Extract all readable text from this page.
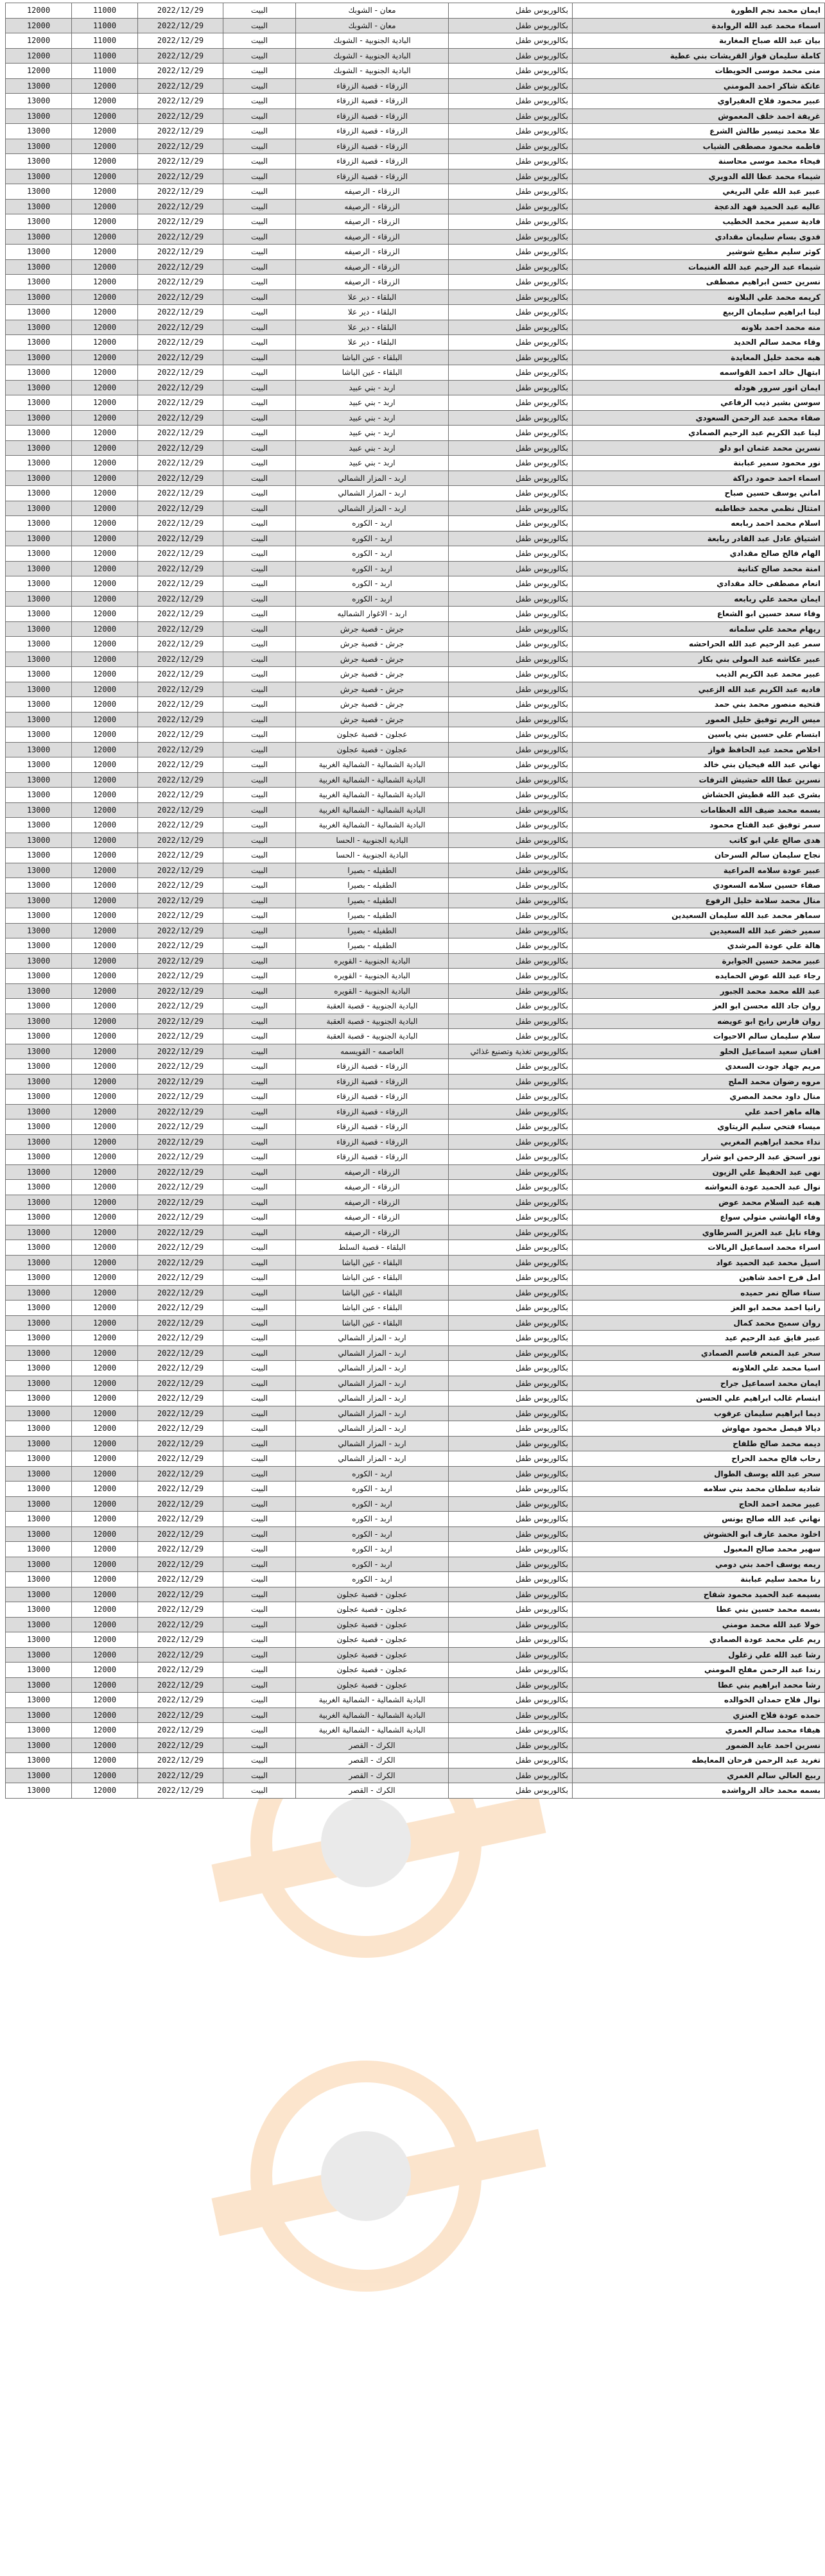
ايمان محمد نجم الطورة	بكالوريوس طفل	معان - الشوبك	البيت	2022/12/29	11000	12000
اسماء محمد عبد الله الروابدة	بكالوريوس طفل	معان - الشوبك	البيت	2022/12/29	11000	12000
بيان عبد الله صباح المغاربة	بكالوريوس طفل	البادية الجنوبية - الشوبك	البيت	2022/12/29	11000	12000
كاملة سليمان فواز القريشات بني عطية	بكالوريوس طفل	البادية الجنوبية - الشوبك	البيت	2022/12/29	11000	12000
منى محمد موسى الحويطات	بكالوريوس طفل	البادية الجنوبية - الشوبك	البيت	2022/12/29	11000	12000
عاتكة شاكر احمد المومني	بكالوريوس طفل	الزرقاء - قصبة الزرقاء	البيت	2022/12/29	12000	13000
عبير محمود فلاح العفيراوي	بكالوريوس طفل	الزرقاء - قصبة الزرقاء	البيت	2022/12/29	12000	13000
غريفة احمد خلف المعموش	بكالوريوس طفل	الزرقاء - قصبة الزرقاء	البيت	2022/12/29	12000	13000
علا محمد تيسير طالش الشرع	بكالوريوس طفل	الزرقاء - قصبة الزرقاء	البيت	2022/12/29	12000	13000
فاطمه محمود مصطفى الشياب	بكالوريوس طفل	الزرقاء - قصبة الزرقاء	البيت	2022/12/29	12000	13000
فيحاء محمد موسى محاسنة	بكالوريوس طفل	الزرقاء - قصبة الزرقاء	البيت	2022/12/29	12000	13000
شيماء محمد عطا الله الدويري	بكالوريوس طفل	الزرقاء - قصبة الزرقاء	البيت	2022/12/29	12000	13000
عبير عبد الله علي البريغي	بكالوريوس طفل	الزرقاء - الرصيفه	البيت	2022/12/29	12000	13000
عاليه عبد الحميد فهد الدعجة	بكالوريوس طفل	الزرقاء - الرصيفه	البيت	2022/12/29	12000	13000
فادية سمير محمد الخطيب	بكالوريوس طفل	الزرقاء - الرصيفه	البيت	2022/12/29	12000	13000
فدوى بسام سليمان مقدادي	بكالوريوس طفل	الزرقاء - الرصيفه	البيت	2022/12/29	12000	13000
كوثر سليم مطيع شوشير	بكالوريوس طفل	الزرقاء - الرصيفه	البيت	2022/12/29	12000	13000
شيماء عبد الرحيم عبد الله الغنيمات	بكالوريوس طفل	الزرقاء - الرصيفه	البيت	2022/12/29	12000	13000
نسرين حسن ابراهيم مصطفى	بكالوريوس طفل	الزرقاء - الرصيفه	البيت	2022/12/29	12000	13000
كريمه محمد علي البلاونه	بكالوريوس طفل	البلقاء - دير علا	البيت	2022/12/29	12000	13000
لينا ابراهيم سليمان الربيع	بكالوريوس طفل	البلقاء - دير علا	البيت	2022/12/29	12000	13000
منه محمد احمد بلاونه	بكالوريوس طفل	البلقاء - دير علا	البيت	2022/12/29	12000	13000
وفاء محمد سالم الحديد	بكالوريوس طفل	البلقاء - دير علا	البيت	2022/12/29	12000	13000
هبه محمد خليل المعايدة	بكالوريوس طفل	البلقاء - عين الباشا	البيت	2022/12/29	12000	13000
ابتهال خالد احمد القواسمه	بكالوريوس طفل	البلقاء - عين الباشا	البيت	2022/12/29	12000	13000
ايمان انور سرور هودله	بكالوريوس طفل	اربد - بني عبيد	البيت	2022/12/29	12000	13000
سوسن بشير ذيب الرفاعي	بكالوريوس طفل	اربد - بني عبيد	البيت	2022/12/29	12000	13000
صفاء محمد عبد الرحمن السعودي	بكالوريوس طفل	اربد - بني عبيد	البيت	2022/12/29	12000	13000
لينا عبد الكريم عبد الرحيم الصمادي	بكالوريوس طفل	اربد - بني عبيد	البيت	2022/12/29	12000	13000
نسرين محمد عثمان ابو دلو	بكالوريوس طفل	اربد - بني عبيد	البيت	2022/12/29	12000	13000
نور محمود سمير عبابنة	بكالوريوس طفل	اربد - بني عبيد	البيت	2022/12/29	12000	13000
اسماء احمد حمود دراكة	بكالوريوس طفل	اربد - المزار الشمالي	البيت	2022/12/29	12000	13000
اماني يوسف حسين صباح	بكالوريوس طفل	اربد - المزار الشمالي	البيت	2022/12/29	12000	13000
امتثال نظمي محمد خطاطبه	بكالوريوس طفل	اربد - المزار الشمالي	البيت	2022/12/29	12000	13000
اسلام محمد احمد ربابعه	بكالوريوس طفل	اربد - الكوره	البيت	2022/12/29	12000	13000
اشتياق عادل عبد القادر ربابعة	بكالوريوس طفل	اربد - الكوره	البيت	2022/12/29	12000	13000
الهام فالح صالح مقدادي	بكالوريوس طفل	اربد - الكوره	البيت	2022/12/29	12000	13000
امنة محمد صالح كنانية	بكالوريوس طفل	اربد - الكوره	البيت	2022/12/29	12000	13000
انعام مصطفى خالد مقدادي	بكالوريوس طفل	اربد - الكوره	البيت	2022/12/29	12000	13000
ايمان محمد علي ربابعه	بكالوريوس طفل	اربد - الكوره	البيت	2022/12/29	12000	13000
وفاء سعد حسين ابو الشعاع	بكالوريوس طفل	اربد - الاغوار الشماليه	البيت	2022/12/29	12000	13000
ريهام محمد علي سلمانه	بكالوريوس طفل	جرش - قصبة جرش	البيت	2022/12/29	12000	13000
سمر عبد الرحيم عبد الله الحراحشه	بكالوريوس طفل	جرش - قصبة جرش	البيت	2022/12/29	12000	13000
عبير عكاشه عبد المولى بني بكار	بكالوريوس طفل	جرش - قصبة جرش	البيت	2022/12/29	12000	13000
عبير محمد عبد الكريم الذيب	بكالوريوس طفل	جرش - قصبة جرش	البيت	2022/12/29	12000	13000
فاديه عبد الكريم عبد الله الزعبي	بكالوريوس طفل	جرش - قصبة جرش	البيت	2022/12/29	12000	13000
فتحيه منصور محمد بني حمد	بكالوريوس طفل	جرش - قصبة جرش	البيت	2022/12/29	12000	13000
ميس الريم توفيق خليل العمور	بكالوريوس طفل	جرش - قصبة جرش	البيت	2022/12/29	12000	13000
ابتسام علي حسين بني ياسين	بكالوريوس طفل	عجلون - قصبة عجلون	البيت	2022/12/29	12000	13000
اخلاص محمد عبد الحافظ فواز	بكالوريوس طفل	عجلون - قصبة عجلون	البيت	2022/12/29	12000	13000
نهاني عبد الله فيحيان بني خالد	بكالوريوس طفل	البادية الشمالية - الشمالية الغربية	البيت	2022/12/29	12000	13000
نسرين عطا الله حشيش الترفات	بكالوريوس طفل	البادية الشمالية - الشمالية الغربية	البيت	2022/12/29	12000	13000
بشرى عبد الله قطيش الحشاش	بكالوريوس طفل	البادية الشمالية - الشمالية الغربية	البيت	2022/12/29	12000	13000
بسمه محمد ضيف الله العظامات	بكالوريوس طفل	البادية الشمالية - الشمالية الغربية	البيت	2022/12/29	12000	13000
سمر توفيق عبد الفتاح محمود	بكالوريوس طفل	البادية الشمالية - الشمالية الغربية	البيت	2022/12/29	12000	13000
هدى صالح علي ابو كاتب	بكالوريوس طفل	البادية الجنوبية - الحسا	البيت	2022/12/29	12000	13000
نجاح سليمان سالم السرحان	بكالوريوس طفل	البادية الجنوبية - الحسا	البيت	2022/12/29	12000	13000
عبير عودة سلامه المراعية	بكالوريوس طفل	الطفيله - بصيرا	البيت	2022/12/29	12000	13000
صفاء حسين سلامه السعودي	بكالوريوس طفل	الطفيله - بصيرا	البيت	2022/12/29	12000	13000
منال محمد سلامة خليل الرفوع	بكالوريوس طفل	الطفيله - بصيرا	البيت	2022/12/29	12000	13000
سماهر محمد عبد الله سليمان السعيدين	بكالوريوس طفل	الطفيله - بصيرا	البيت	2022/12/29	12000	13000
سمير خضر عبد الله السعيدين	بكالوريوس طفل	الطفيله - بصيرا	البيت	2022/12/29	12000	13000
هالة علي عودة المرشدي	بكالوريوس طفل	الطفيله - بصيرا	البيت	2022/12/29	12000	13000
عبير محمد حسين الجوابرة	بكالوريوس طفل	البادية الجنوبية - القويره	البيت	2022/12/29	12000	13000
رجاء عبد الله عوض الحمايده	بكالوريوس طفل	البادية الجنوبية - القويره	البيت	2022/12/29	12000	13000
عبد الله محمد محمد الجبور	بكالوريوس طفل	البادية الجنوبية - القويره	البيت	2022/12/29	12000	13000
روان جاد الله محسن ابو العز	بكالوريوس طفل	البادية الجنوبية - قصبة العقبة	البيت	2022/12/29	12000	13000
روان فارس رابح ابو عويضه	بكالوريوس طفل	البادية الجنوبية - قصبة العقبة	البيت	2022/12/29	12000	13000
سلام سليمان سالم الاحيوات	بكالوريوس طفل	البادية الجنوبية - قصبة العقبة	البيت	2022/12/29	12000	13000
افنان سعيد اسماعيل الحلو	بكالوريوس تغذية وتصنيع غذائي	العاصمه - القويسمه	البيت	2022/12/29	12000	13000
مريم جهاد جودت السعدي	بكالوريوس طفل	الزرقاء - قصبة الزرقاء	البيت	2022/12/29	12000	13000
مروه رضوان محمد الملح	بكالوريوس طفل	الزرقاء - قصبة الزرقاء	البيت	2022/12/29	12000	13000
منال داود محمد المصري	بكالوريوس طفل	الزرقاء - قصبة الزرقاء	البيت	2022/12/29	12000	13000
هاله ماهر احمد علي	بكالوريوس طفل	الزرقاء - قصبة الزرقاء	البيت	2022/12/29	12000	13000
ميساء فتحي سليم الزيتاوي	بكالوريوس طفل	الزرقاء - قصبة الزرقاء	البيت	2022/12/29	12000	13000
نداء محمد ابراهيم المغربي	بكالوريوس طفل	الزرقاء - قصبة الزرقاء	البيت	2022/12/29	12000	13000
نور اسحق عبد الرحمن ابو شرار	بكالوريوس طفل	الزرقاء - قصبة الزرقاء	البيت	2022/12/29	12000	13000
نهى عبد الحفيظ علي الزيون	بكالوريوس طفل	الزرقاء - الرصيفه	البيت	2022/12/29	12000	13000
نوال عبد الحميد عودة النعواشه	بكالوريوس طفل	الزرقاء - الرصيفه	البيت	2022/12/29	12000	13000
هبه عبد السلام محمد عوض	بكالوريوس طفل	الزرقاء - الرصيفه	البيت	2022/12/29	12000	13000
وفاء الهانشي متولي سواع	بكالوريوس طفل	الزرقاء - الرصيفه	البيت	2022/12/29	12000	13000
وفاء نايل عبد العزيز السرطاوي	بكالوريوس طفل	الزرقاء - الرصيفه	البيت	2022/12/29	12000	13000
اسراء محمد اسماعيل الربالات	بكالوريوس طفل	البلقاء - قصبة السلط	البيت	2022/12/29	12000	13000
اسيل محمد عبد الحميد عواد	بكالوريوس طفل	البلقاء - عين الباشا	البيت	2022/12/29	12000	13000
امل فرح احمد شاهين	بكالوريوس طفل	البلقاء - عين الباشا	البيت	2022/12/29	12000	13000
سناء صالح نمر حميده	بكالوريوس طفل	البلقاء - عين الباشا	البيت	2022/12/29	12000	13000
رانيا احمد محمد ابو العز	بكالوريوس طفل	البلقاء - عين الباشا	البيت	2022/12/29	12000	13000
روان سميح محمد كمال	بكالوريوس طفل	البلقاء - عين الباشا	البيت	2022/12/29	12000	13000
عبير فايق عبد الرحيم عيد	بكالوريوس طفل	اربد - المزار الشمالي	البيت	2022/12/29	12000	13000
سحر عبد المنعم قاسم الصمادي	بكالوريوس طفل	اربد - المزار الشمالي	البيت	2022/12/29	12000	13000
اسيا محمد علي العلاونه	بكالوريوس طفل	اربد - المزار الشمالي	البيت	2022/12/29	12000	13000
ايمان محمد اسماعيل جراح	بكالوريوس طفل	اربد - المزار الشمالي	البيت	2022/12/29	12000	13000
ابتسام غالب ابراهيم علي الحسن	بكالوريوس طفل	اربد - المزار الشمالي	البيت	2022/12/29	12000	13000
ديما ابراهيم سليمان عرقوب	بكالوريوس طفل	اربد - المزار الشمالي	البيت	2022/12/29	12000	13000
ديالا فيصل محمود مهاوش	بكالوريوس طفل	اربد - المزار الشمالي	البيت	2022/12/29	12000	13000
ديمه محمد صالح طلفاح	بكالوريوس طفل	اربد - المزار الشمالي	البيت	2022/12/29	12000	13000
رحاب فالح محمد الحراح	بكالوريوس طفل	اربد - المزار الشمالي	البيت	2022/12/29	12000	13000
سحر عبد الله يوسف الطوال	بكالوريوس طفل	اربد - الكوره	البيت	2022/12/29	12000	13000
شاديه سلطان محمد بني سلامه	بكالوريوس طفل	اربد - الكوره	البيت	2022/12/29	12000	13000
عبير محمد احمد الحاج	بكالوريوس طفل	اربد - الكوره	البيت	2022/12/29	12000	13000
نهاني عبد الله صالح يونس	بكالوريوس طفل	اربد - الكوره	البيت	2022/12/29	12000	13000
اخلود محمد عارف ابو الخشوش	بكالوريوس طفل	اربد - الكوره	البيت	2022/12/29	12000	13000
سهير محمد صالح المعبول	بكالوريوس طفل	اربد - الكوره	البيت	2022/12/29	12000	13000
ريمه يوسف احمد بني دومي	بكالوريوس طفل	اربد - الكوره	البيت	2022/12/29	12000	13000
رنا محمد سليم عبابنة	بكالوريوس طفل	اربد - الكوره	البيت	2022/12/29	12000	13000
بسيمه عبد الحميد محمود شقاح	بكالوريوس طفل	عجلون - قصبة عجلون	البيت	2022/12/29	12000	13000
بسمه محمد حسين بني عطا	بكالوريوس طفل	عجلون - قصبة عجلون	البيت	2022/12/29	12000	13000
خولا عبد الله محمد مومني	بكالوريوس طفل	عجلون - قصبة عجلون	البيت	2022/12/29	12000	13000
ريم علي محمد عودة الصمادي	بكالوريوس طفل	عجلون - قصبة عجلون	البيت	2022/12/29	12000	13000
رشا عبد الله علي زغلول	بكالوريوس طفل	عجلون - قصبة عجلون	البيت	2022/12/29	12000	13000
رندا عبد الرحمن مفلح المومني	بكالوريوس طفل	عجلون - قصبة عجلون	البيت	2022/12/29	12000	13000
رشا محمد ابراهيم بني عطا	بكالوريوس طفل	عجلون - قصبة عجلون	البيت	2022/12/29	12000	13000
نوال فلاح حمدان الخوالده	بكالوريوس طفل	البادية الشمالية - الشمالية الغربية	البيت	2022/12/29	12000	13000
حمده عودة فلاح العنزي	بكالوريوس طفل	البادية الشمالية - الشمالية الغربية	البيت	2022/12/29	12000	13000
هيفاء محمد سالم العمري	بكالوريوس طفل	البادية الشمالية - الشمالية الغربية	البيت	2022/12/29	12000	13000
نسرين احمد عايد الضمور	بكالوريوس طفل	الكرك - القصر	البيت	2022/12/29	12000	13000
تغريد عبد الرحمن فرحان المعايطه	بكالوريوس طفل	الكرك - القصر	البيت	2022/12/29	12000	13000
ربيع العالي سالم الغمري	بكالوريوس طفل	الكرك - القصر	البيت	2022/12/29	12000	13000
بسمه محمد خالد الرواشده	بكالوريوس طفل	الكرك - القصر	البيت	2022/12/29	12000	13000
